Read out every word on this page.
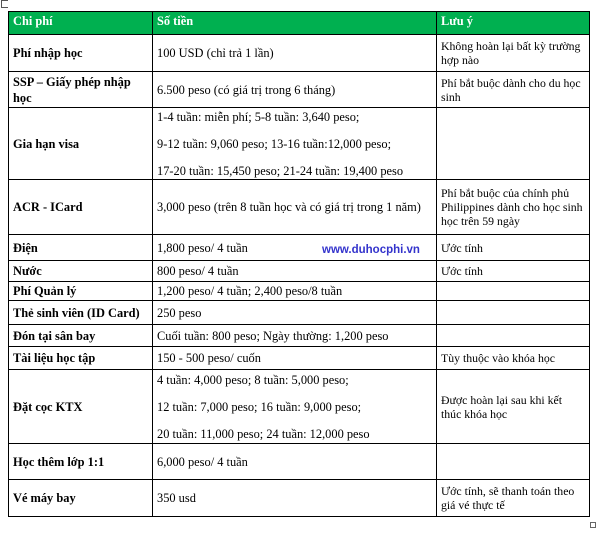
Chi phí	Số tiền	Lưu ý
Phí nhập học	100 USD (chỉ trả 1 lần)	Không hoàn lại bất kỳ trường hợp nào
SSP – Giấy phép nhập học	6.500 peso (có giá trị trong 6 tháng)	Phí bắt buộc dành cho du học sinh
Gia hạn visa	1-4 tuần: miễn phí; 5-8 tuần: 3,640 peso;
9-12 tuần: 9,060 peso; 13-16 tuần:12,000 peso;
17-20 tuần: 15,450 peso; 21-24 tuần: 19,400 peso	

ACR - ICard	3,000 peso (trên 8 tuần học và có giá trị trong 1 năm)	Phí bắt buộc của chính phủ Philippines dành cho học sinh học trên 59 ngày
Điện	1,800 peso/ 4 tuần	Ước tính
Nước	800 peso/ 4 tuần	Ước tính
Phí Quản lý	1,200 peso/ 4 tuần; 2,400 peso/8 tuần	

Thẻ sinh viên (ID Card)	250 peso	

Đón tại sân bay	Cuối tuần: 800 peso; Ngày thường: 1,200 peso	

Tài liệu học tập	150 - 500 peso/ cuốn	Tùy thuộc vào khóa học
Đặt cọc KTX	4 tuần: 4,000 peso; 8 tuần: 5,000 peso;
12 tuần: 7,000 peso; 16 tuần: 9,000 peso;
20 tuần: 11,000 peso; 24 tuần: 12,000 peso	Được hoàn lại sau khi kết thúc khóa học
Học thêm lớp 1:1	6,000 peso/ 4 tuần	

Vé máy bay	350 usd	Ước tính, sẽ thanh toán theo giá vé thực tế
www.duhocphi.vn
